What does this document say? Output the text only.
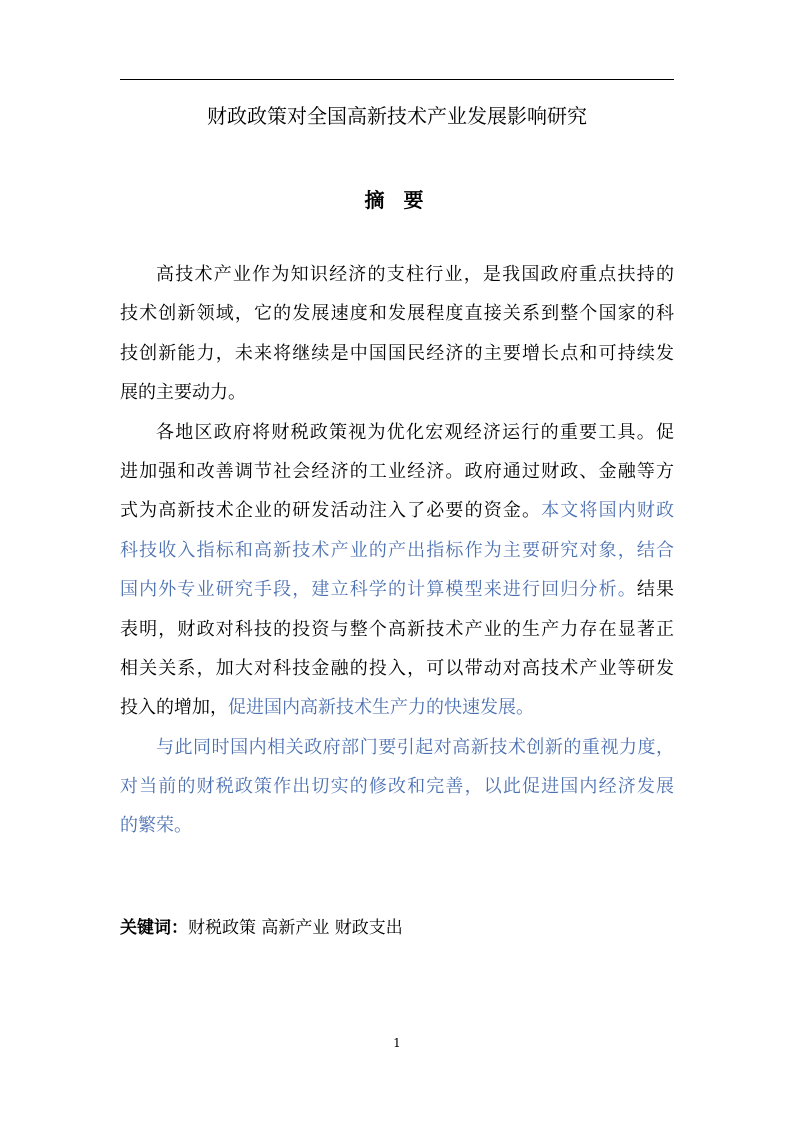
财政政策对全国高新技术产业发展影响研究
摘 要
高技术产业作为知识经济的支柱行业，是我国政府重点扶持的
技术创新领域，它的发展速度和发展程度直接关系到整个国家的科
技创新能力，未来将继续是中国国民经济的主要增长点和可持续发
展的主要动力。
各地区政府将财税政策视为优化宏观经济运行的重要工具。促
进加强和改善调节社会经济的工业经济。政府通过财政、金融等方
式为高新技术企业的研发活动注入了必要的资金。本文将国内财政
科技收入指标和高新技术产业的产出指标作为主要研究对象，结合
国内外专业研究手段，建立科学的计算模型来进行回归分析。结果
表明，财政对科技的投资与整个高新技术产业的生产力存在显著正
相关关系，加大对科技金融的投入，可以带动对高技术产业等研发
投入的增加，促进国内高新技术生产力的快速发展。
与此同时国内相关政府部门要引起对高新技术创新的重视力度，
对当前的财税政策作出切实的修改和完善，以此促进国内经济发展
的繁荣。
关键词：财税政策 高新产业 财政支出
1
